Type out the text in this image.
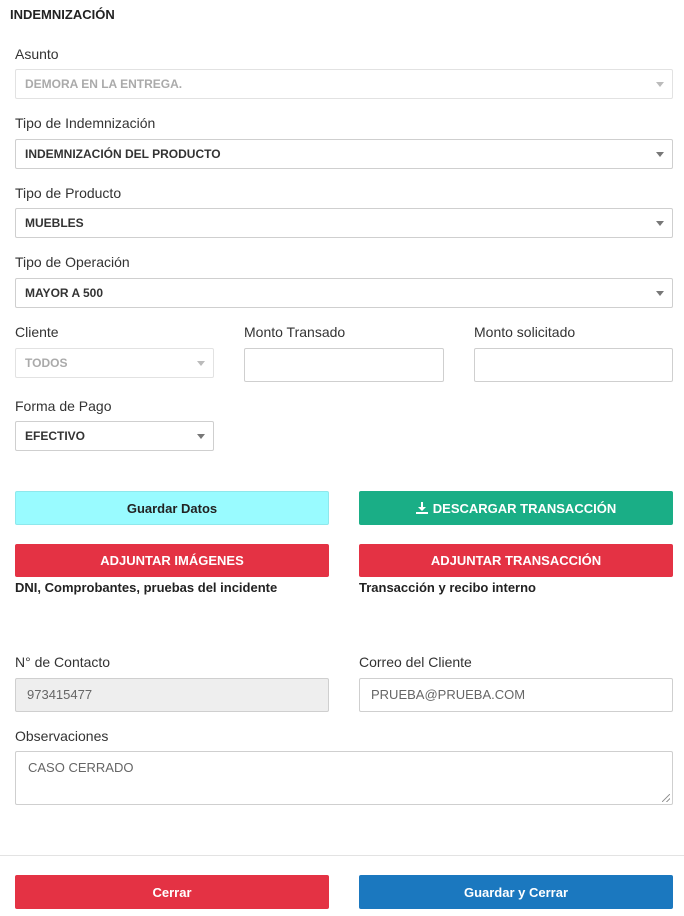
INDEMNIZACIÓN
Asunto
DEMORA EN LA ENTREGA.
Tipo de Indemnización
INDEMNIZACIÓN DEL PRODUCTO
Tipo de Producto
MUEBLES
Tipo de Operación
MAYOR A 500
Cliente
TODOS
Monto Transado	Monto solicitado
Forma de Pago
EFECTIVO
Guardar Datos	DESCARGAR TRANSACCIÓN
ADJUNTAR IMÁGENES	ADJUNTAR TRANSACCIÓN
DNI, Comprobantes, pruebas del incidente	Transacción y recibo interno
N° de Contacto
973415477
Correo del Cliente
PRUEBA@PRUEBA.COM
Observaciones
CASO CERRADO
Cerrar	Guardar y Cerrar
